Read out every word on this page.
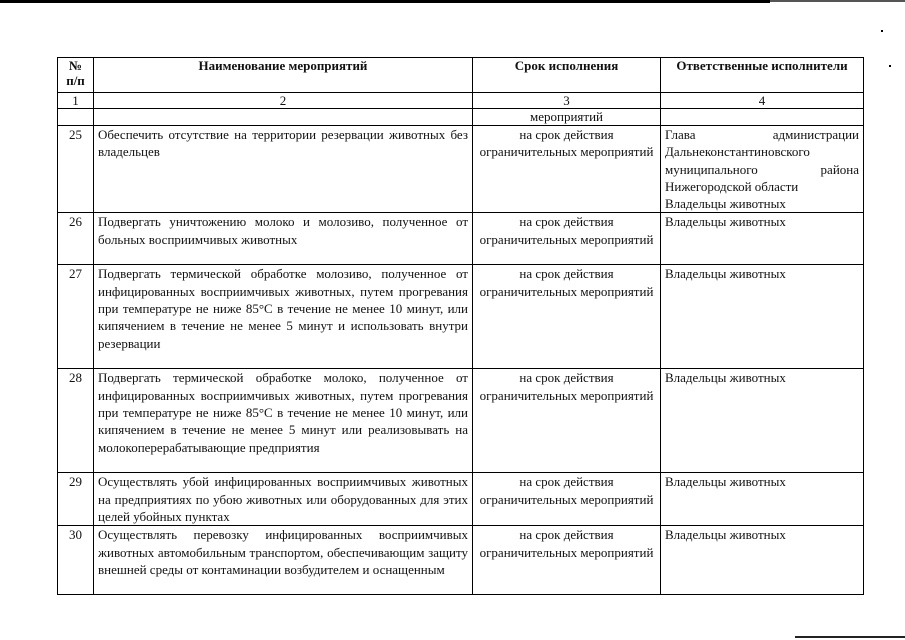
№
п/п	Наименование мероприятий	Срок исполнения	Ответственные исполнители
1	2	3	4
		мероприятий	
25	Обеспечить отсутствие на территории резервации животных без владельцев	на срок действия ограничительных мероприятий	Глава администрации
Дальнеконстантиновского
муниципального района
Нижегородской области
Владельцы животных

26	Подвергать уничтожению молоко и молозиво, полученное от больных восприимчивых животных	на срок действия ограничительных мероприятий	Владельцы животных
27	Подвергать термической обработке молозиво, полученное от инфицированных восприимчивых животных, путем прогревания при температуре не ниже 85°С в течение не менее 10 минут, или кипячением в течение не менее 5 минут и использовать внутри резервации	на срок действия ограничительных мероприятий	Владельцы животных
28	Подвергать термической обработке молоко, полученное от инфицированных восприимчивых животных, путем прогревания при температуре не ниже 85°С в течение не менее 10 минут, или кипячением в течение не менее 5 минут или реализовывать на молокоперерабатывающие предприятия	на срок действия ограничительных мероприятий	Владельцы животных
29	Осуществлять убой инфицированных восприимчивых животных на предприятиях по убою животных или оборудованных для этих целей убойных пунктах	на срок действия ограничительных мероприятий	Владельцы животных
30	Осуществлять перевозку инфицированных восприимчивых животных автомобильным транспортом, обеспечивающим защиту внешней среды от контаминации возбудителем и оснащенным	на срок действия ограничительных мероприятий	Владельцы животных
